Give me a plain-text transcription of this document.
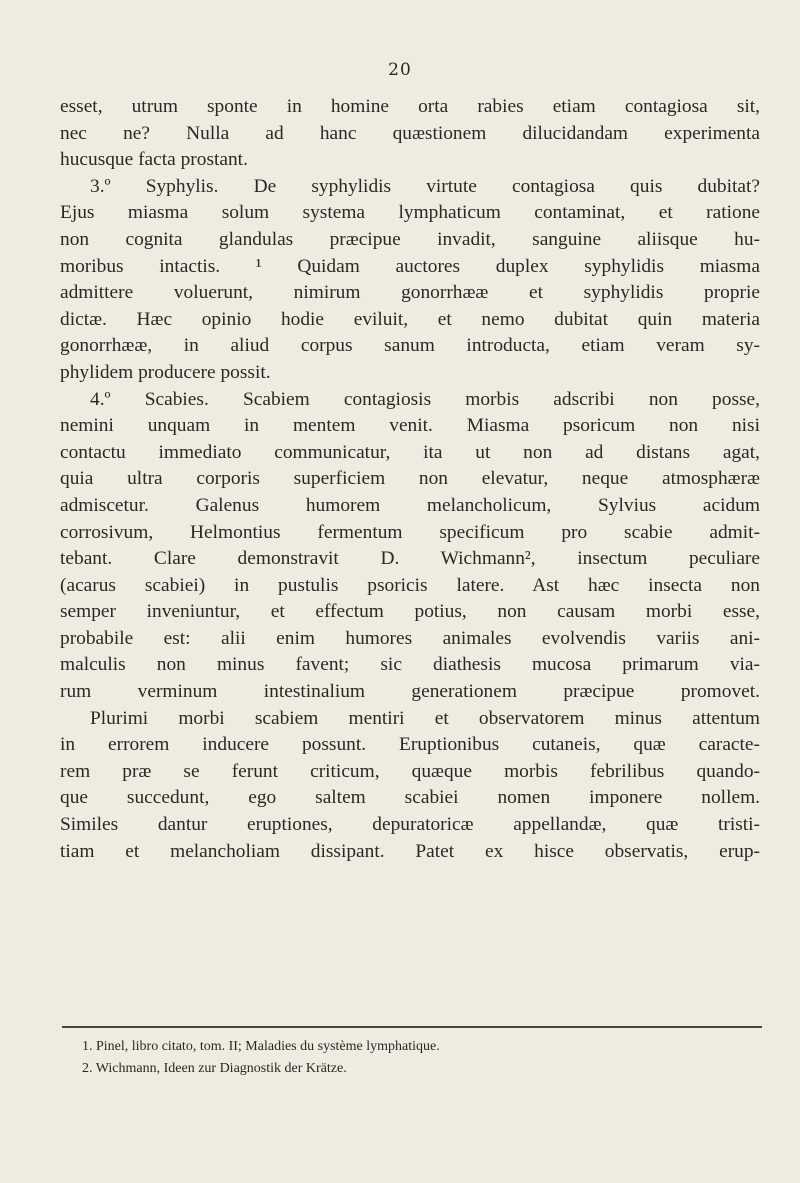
20
esset, utrum sponte in homine orta rabies etiam contagiosa sit,
nec ne? Nulla ad hanc quæstionem dilucidandam experimenta
hucusque facta prostant.
3.º Syphylis. De syphylidis virtute contagiosa quis dubitat?
Ejus miasma solum systema lymphaticum contaminat, et ratione
non cognita glandulas præcipue invadit, sanguine aliisque hu-
moribus intactis. ¹ Quidam auctores duplex syphylidis miasma
admittere voluerunt, nimirum gonorrhææ et syphylidis proprie
dictæ. Hæc opinio hodie eviluit, et nemo dubitat quin materia
gonorrhææ, in aliud corpus sanum introducta, etiam veram sy-
phylidem producere possit.
4.º Scabies. Scabiem contagiosis morbis adscribi non posse,
nemini unquam in mentem venit. Miasma psoricum non nisi
contactu immediato communicatur, ita ut non ad distans agat,
quia ultra corporis superficiem non elevatur, neque atmosphæræ
admiscetur. Galenus humorem melancholicum, Sylvius acidum
corrosivum, Helmontius fermentum specificum pro scabie admit-
tebant. Clare demonstravit D. Wichmann², insectum peculiare
(acarus scabiei) in pustulis psoricis latere. Ast hæc insecta non
semper inveniuntur, et effectum potius, non causam morbi esse,
probabile est: alii enim humores animales evolvendis variis ani-
malculis non minus favent; sic diathesis mucosa primarum via-
rum verminum intestinalium generationem præcipue promovet.
Plurimi morbi scabiem mentiri et observatorem minus attentum
in errorem inducere possunt. Eruptionibus cutaneis, quæ caracte-
rem præ se ferunt criticum, quæque morbis febrilibus quando-
que succedunt, ego saltem scabiei nomen imponere nollem.
Similes dantur eruptiones, depuratoricæ appellandæ, quæ tristi-
tiam et melancholiam dissipant. Patet ex hisce observatis, erup-
1. Pinel, libro citato, tom. II; Maladies du système lymphatique.
2. Wichmann, Ideen zur Diagnostik der Krätze.
